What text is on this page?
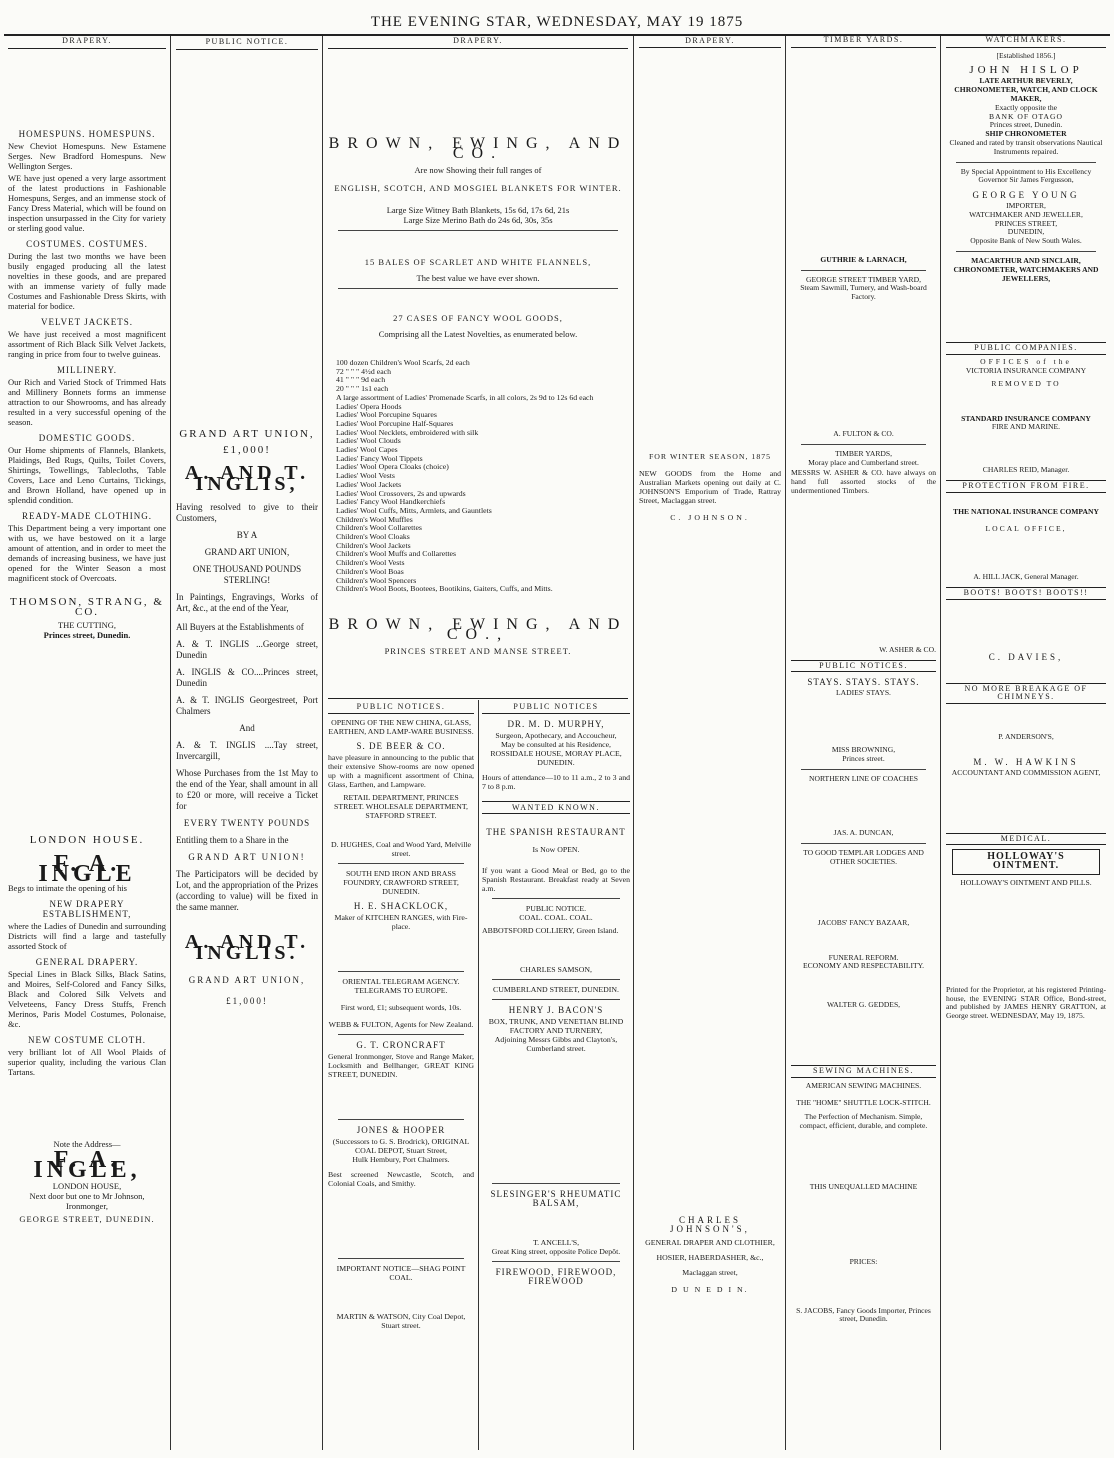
THE EVENING STAR, WEDNESDAY, MAY 19 1875
DRAPERY.
HOMESPUNS. HOMESPUNS.
New Cheviot Homespuns. New Estamene Serges. New Bradford Homespuns. New Wellington Serges.
WE have just opened a very large assortment of the latest productions in Fashionable Homespuns, Serges, and an immense stock of Fancy Dress Material, which will be found on inspection unsurpassed in the City for variety or sterling good value.
COSTUMES. COSTUMES.
During the last two months we have been busily engaged producing all the latest novelties in these goods, and are prepared with an immense variety of fully made Costumes and Fashionable Dress Skirts, with material for bodice.
VELVET JACKETS.
We have just received a most magnificent assortment of Rich Black Silk Velvet Jackets, ranging in price from four to twelve guineas.
MILLINERY.
Our Rich and Varied Stock of Trimmed Hats and Millinery Bonnets forms an immense attraction to our Showrooms, and has already resulted in a very successful opening of the season.
DOMESTIC GOODS.
Our Home shipments of Flannels, Blankets, Plaidings, Bed Rugs, Quilts, Toilet Covers, Shirtings, Towellings, Tablecloths, Table Covers, Lace and Leno Curtains, Tickings, and Brown Holland, have opened up in splendid condition.
READY-MADE CLOTHING.
This Department being a very important one with us, we have bestowed on it a large amount of attention, and in order to meet the demands of increasing business, we have just opened for the Winter Season a most magnificent stock of Overcoats.
THOMSON, STRANG, & CO.
THE CUTTING,
Princes street, Dunedin.
LONDON HOUSE.
F. A. INGLE
Begs to intimate the opening of his
NEW DRAPERY ESTABLISHMENT,
where the Ladies of Dunedin and surrounding Districts will find a large and tastefully assorted Stock of
GENERAL DRAPERY.
Special Lines in Black Silks, Black Satins, and Moires, Self-Colored and Fancy Silks, Black and Colored Silk Velvets and Velveteens, Fancy Dress Stuffs, French Merinos, Paris Model Costumes, Polonaise, &c.
NEW COSTUME CLOTH.
very brilliant lot of All Wool Plaids of superior quality, including the various Clan Tartans.
Note the Address—
F. A. INGLE,
LONDON HOUSE,
Next door but one to Mr Johnson, Ironmonger,
GEORGE STREET, DUNEDIN.
PUBLIC NOTICE.
GRAND ART UNION,
£1,000!
A. AND T. INGLIS,
Having resolved to give to their Customers,
BY A
GRAND ART UNION,
ONE THOUSAND POUNDS STERLING!
In Paintings, Engravings, Works of Art, &c., at the end of the Year,
All Buyers at the Establishments of
A. & T. INGLIS ...George street, Dunedin
A. INGLIS & CO....Princes street, Dunedin
A. & T. INGLIS Georgestreet, Port Chalmers
And
A. & T. INGLIS ....Tay street, Invercargill,
Whose Purchases from the 1st May to the end of the Year, shall amount in all to £20 or more, will receive a Ticket for
EVERY TWENTY POUNDS
Entitling them to a Share in the
GRAND ART UNION!
The Participators will be decided by Lot, and the appropriation of the Prizes (according to value) will be fixed in the same manner.
A. AND T. INGLIS.
GRAND ART UNION,
£1,000!
DRAPERY.
BROWN, EWING, AND CO.
Are now Showing their full ranges of
ENGLISH, SCOTCH, AND MOSGIEL BLANKETS FOR WINTER.
Large Size Witney Bath Blankets, 15s 6d, 17s 6d, 21s
Large Size Merino Bath do 24s 6d, 30s, 35s
15 BALES OF SCARLET AND WHITE FLANNELS,
The best value we have ever shown.
27 CASES OF FANCY WOOL GOODS,
Comprising all the Latest Novelties, as enumerated below.
100 dozen Children's Wool Scarfs, 2d each
72 " " " 4½d each
41 " " " 9d each
20 " " " 1s1 each
A large assortment of Ladies' Promenade Scarfs, in all colors, 2s 9d to 12s 6d each
Ladies' Opera Hoods
Ladies' Wool Porcupine Squares
Ladies' Wool Porcupine Half-Squares
Ladies' Wool Necklets, embroidered with silk
Ladies' Wool Clouds
Ladies' Wool Capes
Ladies' Fancy Wool Tippets
Ladies' Wool Opera Cloaks (choice)
Ladies' Wool Vests
Ladies' Wool Jackets
Ladies' Wool Crossovers, 2s and upwards
Ladies' Fancy Wool Handkerchiefs
Ladies' Wool Cuffs, Mitts, Armlets, and Gauntlets
Children's Wool Muffles
Children's Wool Collarettes
Children's Wool Cloaks
Children's Wool Jackets
Children's Wool Muffs and Collarettes
Children's Wool Vests
Children's Wool Boas
Children's Wool Spencers
Children's Wool Boots, Bootees, Bootikins, Gaiters, Cuffs, and Mitts.
BROWN, EWING, AND CO.,
PRINCES STREET AND MANSE STREET.
PUBLIC NOTICES.
OPENING OF THE NEW CHINA, GLASS, EARTHEN, AND LAMP-WARE BUSINESS.
S. DE BEER & CO.
have pleasure in announcing to the public that their extensive Show-rooms are now opened up with a magnificent assortment of China, Glass, Earthen, and Lampware.
RETAIL DEPARTMENT, PRINCES STREET. WHOLESALE DEPARTMENT, STAFFORD STREET.
D. HUGHES, Coal and Wood Yard, Melville street.
SOUTH END IRON AND BRASS FOUNDRY, CRAWFORD STREET, DUNEDIN.
H. E. SHACKLOCK,
Maker of KITCHEN RANGES, with Fire-place.
ORIENTAL TELEGRAM AGENCY.
TELEGRAMS TO EUROPE.
First word, £1; subsequent words, 10s.
WEBB & FULTON, Agents for New Zealand.
G. T. CRONCRAFT
General Ironmonger, Stove and Range Maker, Locksmith and Bellhanger, GREAT KING STREET, DUNEDIN.
JONES & HOOPER
(Successors to G. S. Brodrick), ORIGINAL COAL DEPOT, Stuart Street,
Hulk Hembury, Port Chalmers.
Best screened Newcastle, Scotch, and Colonial Coals, and Smithy.
IMPORTANT NOTICE—SHAG POINT COAL.
MARTIN & WATSON, City Coal Depot, Stuart street.
PUBLIC NOTICES
DR. M. D. MURPHY,
Surgeon, Apothecary, and Accoucheur,
May be consulted at his Residence,
ROSSIDALE HOUSE, MORAY PLACE, DUNEDIN.
Hours of attendance—10 to 11 a.m., 2 to 3 and 7 to 8 p.m.
WANTED KNOWN.
THE SPANISH RESTAURANT
Is Now OPEN.
If you want a Good Meal or Bed, go to the Spanish Restaurant. Breakfast ready at Seven a.m.
PUBLIC NOTICE.
COAL. COAL. COAL.
ABBOTSFORD COLLIERY, Green Island.
CHARLES SAMSON,
CUMBERLAND STREET, DUNEDIN.
HENRY J. BACON'S
BOX, TRUNK, AND VENETIAN BLIND FACTORY AND TURNERY,
Adjoining Messrs Gibbs and Clayton's, Cumberland street.
SLESINGER'S RHEUMATIC BALSAM,
T. ANCELL'S,
Great King street, opposite Police Depôt.
FIREWOOD, FIREWOOD, FIREWOOD
DRAPERY.
FOR WINTER SEASON, 1875
NEW GOODS from the Home and Australian Markets opening out daily at C. JOHNSON'S Emporium of Trade, Rattray Street, Maclaggan street.
C. JOHNSON.
CHARLES JOHNSON'S,
GENERAL DRAPER AND CLOTHIER,
HOSIER, HABERDASHER, &c.,
Maclaggan street,
D U N E D I N.
TIMBER YARDS.
GUTHRIE & LARNACH,
GEORGE STREET TIMBER YARD,
Steam Sawmill, Turnery, and Wash-board Factory.
A. FULTON & CO.
TIMBER YARDS,
Moray place and Cumberland street.
MESSRS W. ASHER & CO. have always on hand full assorted stocks of the undermentioned Timbers.
W. ASHER & CO.
PUBLIC NOTICES.
STAYS. STAYS. STAYS.
LADIES' STAYS.
MISS BROWNING,
Princes street.
NORTHERN LINE OF COACHES
JAS. A. DUNCAN,
TO GOOD TEMPLAR LODGES AND OTHER SOCIETIES.
JACOBS' FANCY BAZAAR,
FUNERAL REFORM.
ECONOMY AND RESPECTABILITY.
WALTER G. GEDDES,
SEWING MACHINES.
AMERICAN SEWING MACHINES.
THE "HOME" SHUTTLE LOCK-STITCH.
The Perfection of Mechanism. Simple, compact, efficient, durable, and complete.
THIS UNEQUALLED MACHINE
PRICES:
S. JACOBS, Fancy Goods Importer, Princes street, Dunedin.
WATCHMAKERS.
[Established 1856.]
JOHN HISLOP
LATE ARTHUR BEVERLY,
CHRONOMETER, WATCH, AND CLOCK MAKER,
Exactly opposite the
BANK OF OTAGO
Princes street, Dunedin.
SHIP CHRONOMETER
Cleaned and rated by transit observations Nautical Instruments repaired.
By Special Appointment to His Excellency Governor Sir James Fergusson,
GEORGE YOUNG
IMPORTER,
WATCHMAKER AND JEWELLER,
PRINCES STREET,
DUNEDIN,
Opposite Bank of New South Wales.
MACARTHUR AND SINCLAIR,
CHRONOMETER, WATCHMAKERS AND JEWELLERS,
PUBLIC COMPANIES.
OFFICES of the
VICTORIA INSURANCE COMPANY
REMOVED TO
STANDARD INSURANCE COMPANY
FIRE AND MARINE.
CHARLES REID, Manager.
PROTECTION FROM FIRE.
THE NATIONAL INSURANCE COMPANY
LOCAL OFFICE,
A. HILL JACK, General Manager.
BOOTS! BOOTS! BOOTS!!
C. DAVIES,
NO MORE BREAKAGE OF CHIMNEYS.
P. ANDERSON'S,
M. W. HAWKINS
ACCOUNTANT AND COMMISSION AGENT,
MEDICAL.
HOLLOWAY'S OINTMENT.
HOLLOWAY'S OINTMENT AND PILLS.
Printed for the Proprietor, at his registered Printing-house, the EVENING STAR Office, Bond-street, and published by JAMES HENRY GRATTON, at George street. WEDNESDAY, May 19, 1875.
